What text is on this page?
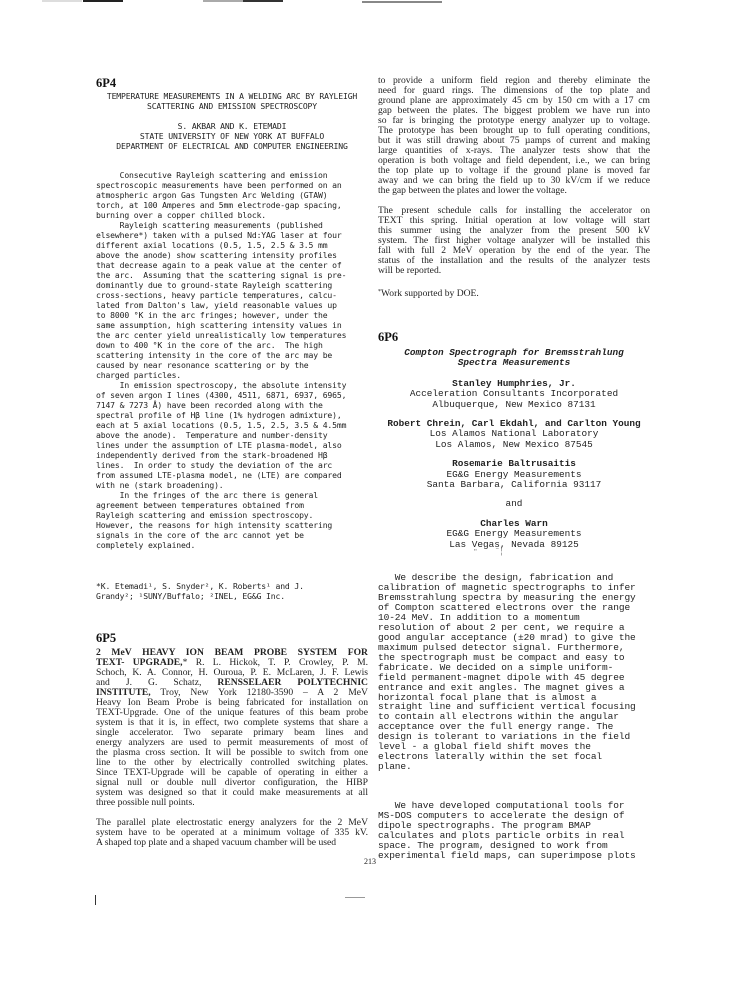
6P4
TEMPERATURE MEASUREMENTS IN A WELDING ARC BY RAYLEIGH
SCATTERING AND EMISSION SPECTROSCOPY
S. AKBAR AND K. ETEMADI
STATE UNIVERSITY OF NEW YORK AT BUFFALO
DEPARTMENT OF ELECTRICAL AND COMPUTER ENGINEERING
Consecutive Rayleigh scattering and emission
spectroscopic measurements have been performed on an
atmospheric argon Gas Tungsten Arc Welding (GTAW)
torch, at 100 Amperes and 5mm electrode-gap spacing,
burning over a copper chilled block.
Rayleigh scattering measurements (published
elsewhere*) taken with a pulsed Nd:YAG laser at four
different axial locations (0.5, 1.5, 2.5 & 3.5 mm
above the anode) show scattering intensity profiles
that decrease again to a peak value at the center of
the arc.  Assuming that the scattering signal is pre-
dominantly due to ground-state Rayleigh scattering
cross-sections, heavy particle temperatures, calcu-
lated from Dalton's law, yield reasonable values up
to 8000 °K in the arc fringes; however, under the
same assumption, high scattering intensity values in
the arc center yield unrealistically low temperatures
down to 400 °K in the core of the arc.  The high
scattering intensity in the core of the arc may be
caused by near resonance scattering or by the
charged particles.
In emission spectroscopy, the absolute intensity
of seven argon I lines (4300, 4511, 6871, 6937, 6965,
7147 & 7273 Å) have been recorded along with the
spectral profile of Hβ line (1% hydrogen admixture),
each at 5 axial locations (0.5, 1.5, 2.5, 3.5 & 4.5mm
above the anode).  Temperature and number-density
lines under the assumption of LTE plasma-model, also
independently derived from the stark-broadened Hβ
lines.  In order to study the deviation of the arc
from assumed LTE-plasma model, ne (LTE) are compared
with ne (stark broadening).
In the fringes of the arc there is general
agreement between temperatures obtained from
Rayleigh scattering and emission spectroscopy.
However, the reasons for high intensity scattering
signals in the core of the arc cannot yet be
completely explained.

*K. Etemadi¹, S. Snyder², K. Roberts¹ and J.
Grandy²; ¹SUNY/Buffalo; ²INEL, EG&G Inc.

6P5
2 MeV HEAVY ION BEAM PROBE SYSTEM FOR
TEXT- UPGRADE,* R. L. Hickok, T. P. Crowley, P. M.
Schoch, K. A. Connor, H. Ouroua, P. E. McLaren, J. F. Lewis
and J. G. Schatz, RENSSELAER POLYTECHNIC
INSTITUTE, Troy, New York 12180-3590 – A 2 MeV
Heavy Ion Beam Probe is being fabricated for installation on
TEXT-Upgrade. One of the unique features of this beam probe
system is that it is, in effect, two complete systems that share a
single accelerator. Two separate primary beam lines and
energy analyzers are used to permit measurements of most of
the plasma cross section. It will be possible to switch from one
line to the other by electrically controlled switching plates.
Since TEXT-Upgrade will be capable of operating in either a
signal null or double null divertor configuration, the HIBP
system was designed so that it could make measurements at all
three possible null points.
The parallel plate electrostatic energy analyzers for the 2 MeV
system have to be operated at a minimum voltage of 335 kV.
A shaped top plate and a shaped vacuum chamber will be used
to provide a uniform field region and thereby eliminate the
need for guard rings. The dimensions of the top plate and
ground plane are approximately 45 cm by 150 cm with a 17 cm
gap between the plates. The biggest problem we have run into
so far is bringing the prototype energy analyzer up to voltage.
The prototype has been brought up to full operating conditions,
but it was still drawing about 75 µamps of current and making
large quantities of x-rays. The analyzer tests show that the
operation is both voltage and field dependent, i.e., we can bring
the top plate up to voltage if the ground plane is moved far
away and we can bring the field up to 30 kV/cm if we reduce
the gap between the plates and lower the voltage.
The present schedule calls for installing the accelerator on
TEXT this spring. Initial operation at low voltage will start
this summer using the analyzer from the present 500 kV
system. The first higher voltage analyzer will be installed this
fall with full 2 MeV operation by the end of the year. The
status of the installation and the results of the analyzer tests
will be reported.
*Work supported by DOE.
6P6
Compton Spectrograph for Bremsstrahlung
Spectra Measurements
Stanley Humphries, Jr.
Acceleration Consultants Incorporated
Albuquerque, New Mexico 87131
Robert Chrein, Carl Ekdahl, and Carlton Young
Los Alamos National Laboratory
Los Alamos, New Mexico 87545
Rosemarie Baltrusaitis
EG&G Energy Measurements
Santa Barbara, California 93117
and
Charles Warn
EG&G Energy Measurements
Las Vegas, Nevada 89125
We describe the design, fabrication and
calibration of magnetic spectrographs to infer
Bremsstrahlung spectra by measuring the energy
of Compton scattered electrons over the range
10-24 MeV. In addition to a momentum
resolution of about 2 per cent, we require a
good angular acceptance (±20 mrad) to give the
maximum pulsed detector signal. Furthermore,
the spectrograph must be compact and easy to
fabricate. We decided on a simple uniform-
field permanent-magnet dipole with 45 degree
entrance and exit angles. The magnet gives a
horizontal focal plane that is almost a
straight line and sufficient vertical focusing
to contain all electrons within the angular
acceptance over the full energy range. The
design is tolerant to variations in the field
level - a global field shift moves the
electrons laterally within the set focal
plane.

We have developed computational tools for
MS-DOS computers to accelerate the design of
dipole spectrographs. The program BMAP
calculates and plots particle orbits in real
space. The program, designed to work from
experimental field maps, can superimpose plots

''          ‾ ¦
213
